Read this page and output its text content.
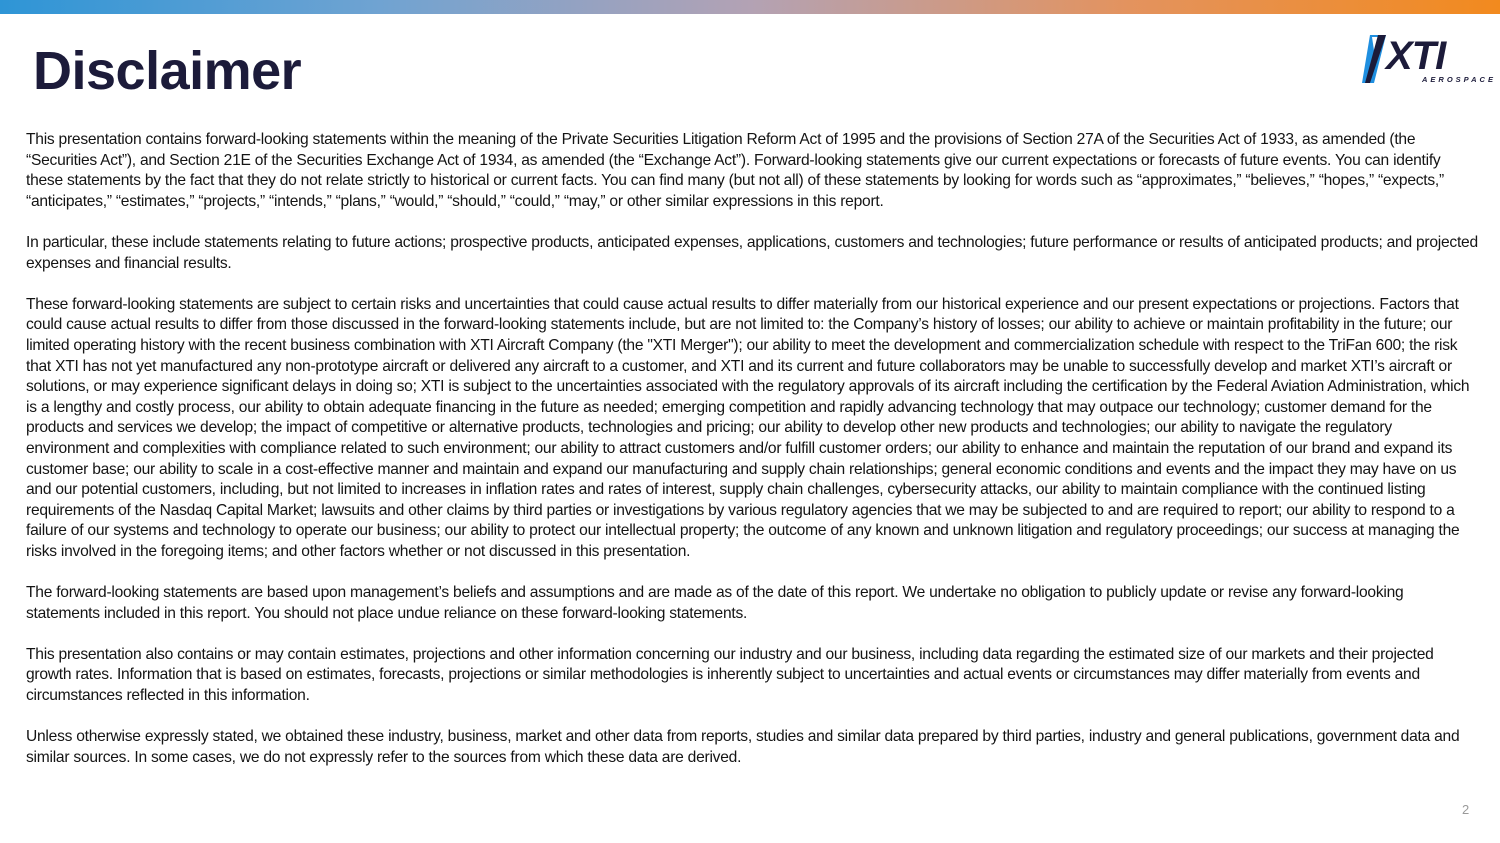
Disclaimer	XTI
AEROSPACE

This presentation contains forward-looking statements within the meaning of the Private Securities Litigation Reform Act of 1995 and the provisions of Section 27A of the Securities Act of 1933, as amended (the “Securities Act”), and Section 21E of the Securities Exchange Act of 1934, as amended (the “Exchange Act”). Forward-looking statements give our current expectations or forecasts of future events. You can identify these statements by the fact that they do not relate strictly to historical or current facts. You can find many (but not all) of these statements by looking for words such as “approximates,” “believes,” “hopes,” “expects,” “anticipates,” “estimates,” “projects,” “intends,” “plans,” “would,” “should,” “could,” “may,” or other similar expressions in this report.

In particular, these include statements relating to future actions; prospective products, anticipated expenses, applications, customers and technologies; future performance or results of anticipated products; and projected expenses and financial results.

These forward-looking statements are subject to certain risks and uncertainties that could cause actual results to differ materially from our historical experience and our present expectations or projections. Factors that could cause actual results to differ from those discussed in the forward-looking statements include, but are not limited to: the Company’s history of losses; our ability to achieve or maintain profitability in the future; our limited operating history with the recent business combination with XTI Aircraft Company (the "XTI Merger"); our ability to meet the development and commercialization schedule with respect to the TriFan 600; the risk that XTI has not yet manufactured any non-prototype aircraft or delivered any aircraft to a customer, and XTI and its current and future collaborators may be unable to successfully develop and market XTI’s aircraft or solutions, or may experience significant delays in doing so; XTI is subject to the uncertainties associated with the regulatory approvals of its aircraft including the certification by the Federal Aviation Administration, which is a lengthy and costly process, our ability to obtain adequate financing in the future as needed; emerging competition and rapidly advancing technology that may outpace our technology; customer demand for the products and services we develop; the impact of competitive or alternative products, technologies and pricing; our ability to develop other new products and technologies; our ability to navigate the regulatory environment and complexities with compliance related to such environment; our ability to attract customers and/or fulfill customer orders; our ability to enhance and maintain the reputation of our brand and expand its customer base; our ability to scale in a cost-effective manner and maintain and expand our manufacturing and supply chain relationships; general economic conditions and events and the impact they may have on us and our potential customers, including, but not limited to increases in inflation rates and rates of interest, supply chain challenges, cybersecurity attacks, our ability to maintain compliance with the continued listing requirements of the Nasdaq Capital Market; lawsuits and other claims by third parties or investigations by various regulatory agencies that we may be subjected to and are required to report; our ability to respond to a failure of our systems and technology to operate our business; our ability to protect our intellectual property; the outcome of any known and unknown litigation and regulatory proceedings; our success at managing the risks involved in the foregoing items; and other factors whether or not discussed in this presentation.

The forward-looking statements are based upon management’s beliefs and assumptions and are made as of the date of this report. We undertake no obligation to publicly update or revise any forward-looking statements included in this report. You should not place undue reliance on these forward-looking statements.

This presentation also contains or may contain estimates, projections and other information concerning our industry and our business, including data regarding the estimated size of our markets and their projected growth rates. Information that is based on estimates, forecasts, projections or similar methodologies is inherently subject to uncertainties and actual events or circumstances may differ materially from events and circumstances reflected in this information.

Unless otherwise expressly stated, we obtained these industry, business, market and other data from reports, studies and similar data prepared by third parties, industry and general publications, government data and similar sources. In some cases, we do not expressly refer to the sources from which these data are derived.

2
